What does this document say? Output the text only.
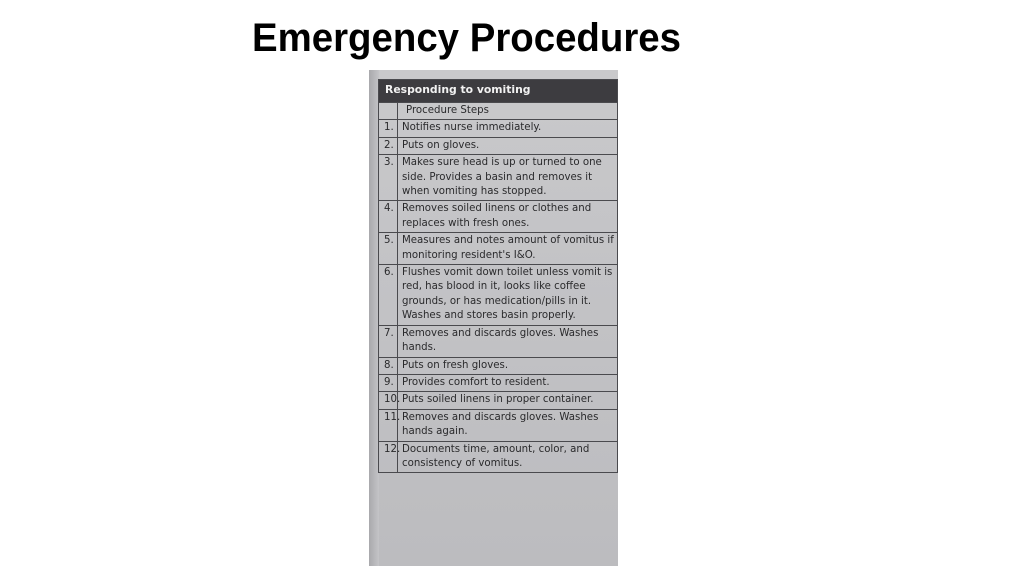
Emergency Procedures
Responding to vomiting	
	Procedure Steps
1.	Notifies nurse immediately.
2.	Puts on gloves.
3.	Makes sure head is up or turned to one side. Provides a basin and removes it when vomiting has stopped.
4.	Removes soiled linens or clothes and replaces with fresh ones.
5.	Measures and notes amount of vomitus if monitoring resident's I&O.
6.	Flushes vomit down toilet unless vomit is red, has blood in it, looks like coffee grounds, or has medication/pills in it. Washes and stores basin properly.
7.	Removes and discards gloves. Washes hands.
8.	Puts on fresh gloves.
9.	Provides comfort to resident.
10.	Puts soiled linens in proper container.
11.	Removes and discards gloves. Washes hands again.
12.	Documents time, amount, color, and consistency of vomitus.
